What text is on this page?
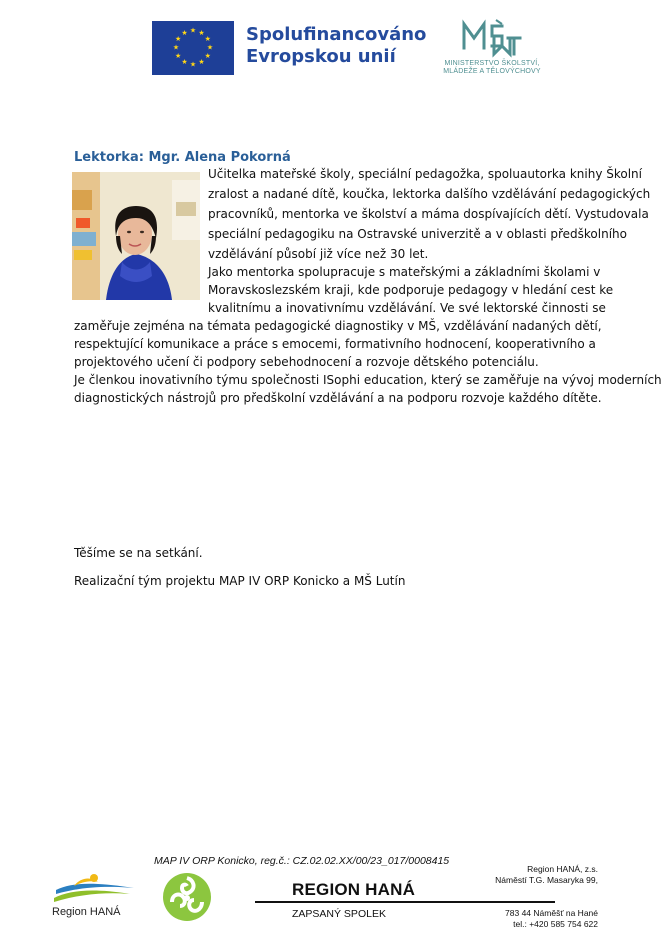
★ ★
★
★
★
★
★
★
★
★
★
★	Spolufinancováno
Evropskou unií	MINISTERSTVO ŠKOLSTVÍ,
MLÁDEŽE A TĚLOVÝCHOVY
Lektorka: Mgr. Alena Pokorná
Učitelka mateřské školy, speciální pedagožka, spoluautorka knihy Školní
zralost a nadané dítě, koučka, lektorka dalšího vzdělávání pedagogických
pracovníků, mentorka ve školství a máma dospívajících dětí. Vystudovala
speciální pedagogiku na Ostravské univerzitě a v oblasti předškolního
vzdělávání působí již více než 30 let.
Jako mentorka spolupracuje s mateřskými a základními školami v
Moravskoslezském kraji, kde podporuje pedagogy v hledání cest ke
kvalitnímu a inovativnímu vzdělávání. Ve své lektorské činnosti se
zaměřuje zejména na témata pedagogické diagnostiky v MŠ, vzdělávání nadaných dětí,
respektující komunikace a práce s emocemi, formativního hodnocení, kooperativního a
projektového učení či podpory sebehodnocení a rozvoje dětského potenciálu.
Je členkou inovativního týmu společnosti ISophi education, který se zaměřuje na vývoj moderních
diagnostických nástrojů pro předškolní vzdělávání a na podporu rozvoje každého dítěte.
Těšíme se na setkání.
Realizační tým projektu MAP IV ORP Konicko a MŠ Lutín
MAP IV ORP Konicko, reg.č.: CZ.02.02.XX/00/23_017/0008415
Region HANÁ
REGION HANÁ
ZAPSANÝ SPOLEK
Region HANÁ, z.s.
Náměstí T.G. Masaryka 99,
783 44 Náměšť na Hané
tel.: +420 585 754 622
